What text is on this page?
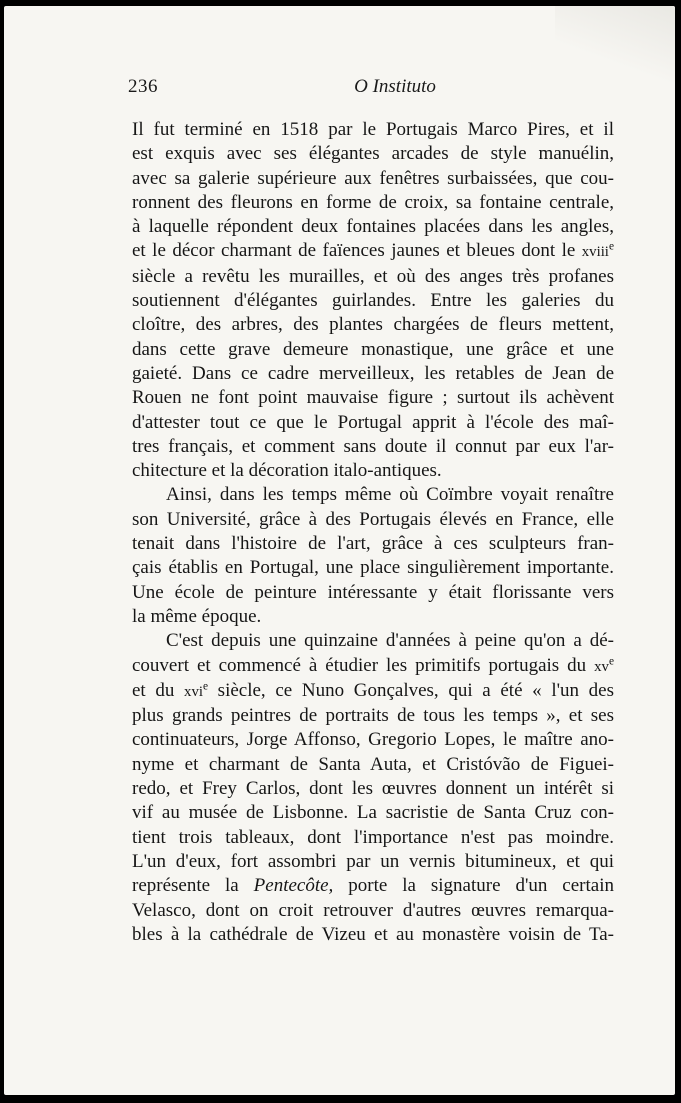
236	O Instituto

Il fut terminé en 1518 par le Portugais Marco Pires, et il
est exquis avec ses élégantes arcades de style manuélin,
avec sa galerie supérieure aux fenêtres surbaissées, que cou-
ronnent des fleurons en forme de croix, sa fontaine centrale,
à laquelle répondent deux fontaines placées dans les angles,
et le décor charmant de faïences jaunes et bleues dont le xviii$^e$
siècle a revêtu les murailles, et où des anges très profanes
soutiennent d'élégantes guirlandes. Entre les galeries du
cloître, des arbres, des plantes chargées de fleurs mettent,
dans cette grave demeure monastique, une grâce et une
gaieté. Dans ce cadre merveilleux, les retables de Jean de
Rouen ne font point mauvaise figure ; surtout ils achèvent
d'attester tout ce que le Portugal apprit à l'école des maî-
tres français, et comment sans doute il connut par eux l'ar-
chitecture et la décoration italo-antiques.

Ainsi, dans les temps même où Coïmbre voyait renaître
son Université, grâce à des Portugais élevés en France, elle
tenait dans l'histoire de l'art, grâce à ces sculpteurs fran-
çais établis en Portugal, une place singulièrement importante.
Une école de peinture intéressante y était florissante vers
la même époque.

C'est depuis une quinzaine d'années à peine qu'on a dé-
couvert et commencé à étudier les primitifs portugais du $xv^e$
et du xvi$^e$ siècle, ce Nuno Gonçalves, qui a été « l'un des
plus grands peintres de portraits de tous les temps », et ses
continuateurs, Jorge Affonso, Gregorio Lopes, le maître ano-
nyme et charmant de Santa Auta, et Cristóvão de Figuei-
redo, et Frey Carlos, dont les œuvres donnent un intérêt si
vif au musée de Lisbonne. La sacristie de Santa Cruz con-
tient trois tableaux, dont l'importance n'est pas moindre.
L'un d'eux, fort assombri par un vernis bitumineux, et qui
représente la Pentecôte, porte la signature d'un certain
Velasco, dont on croit retrouver d'autres œuvres remarqua-
bles à la cathédrale de Vizeu et au monastère voisin de Ta-
